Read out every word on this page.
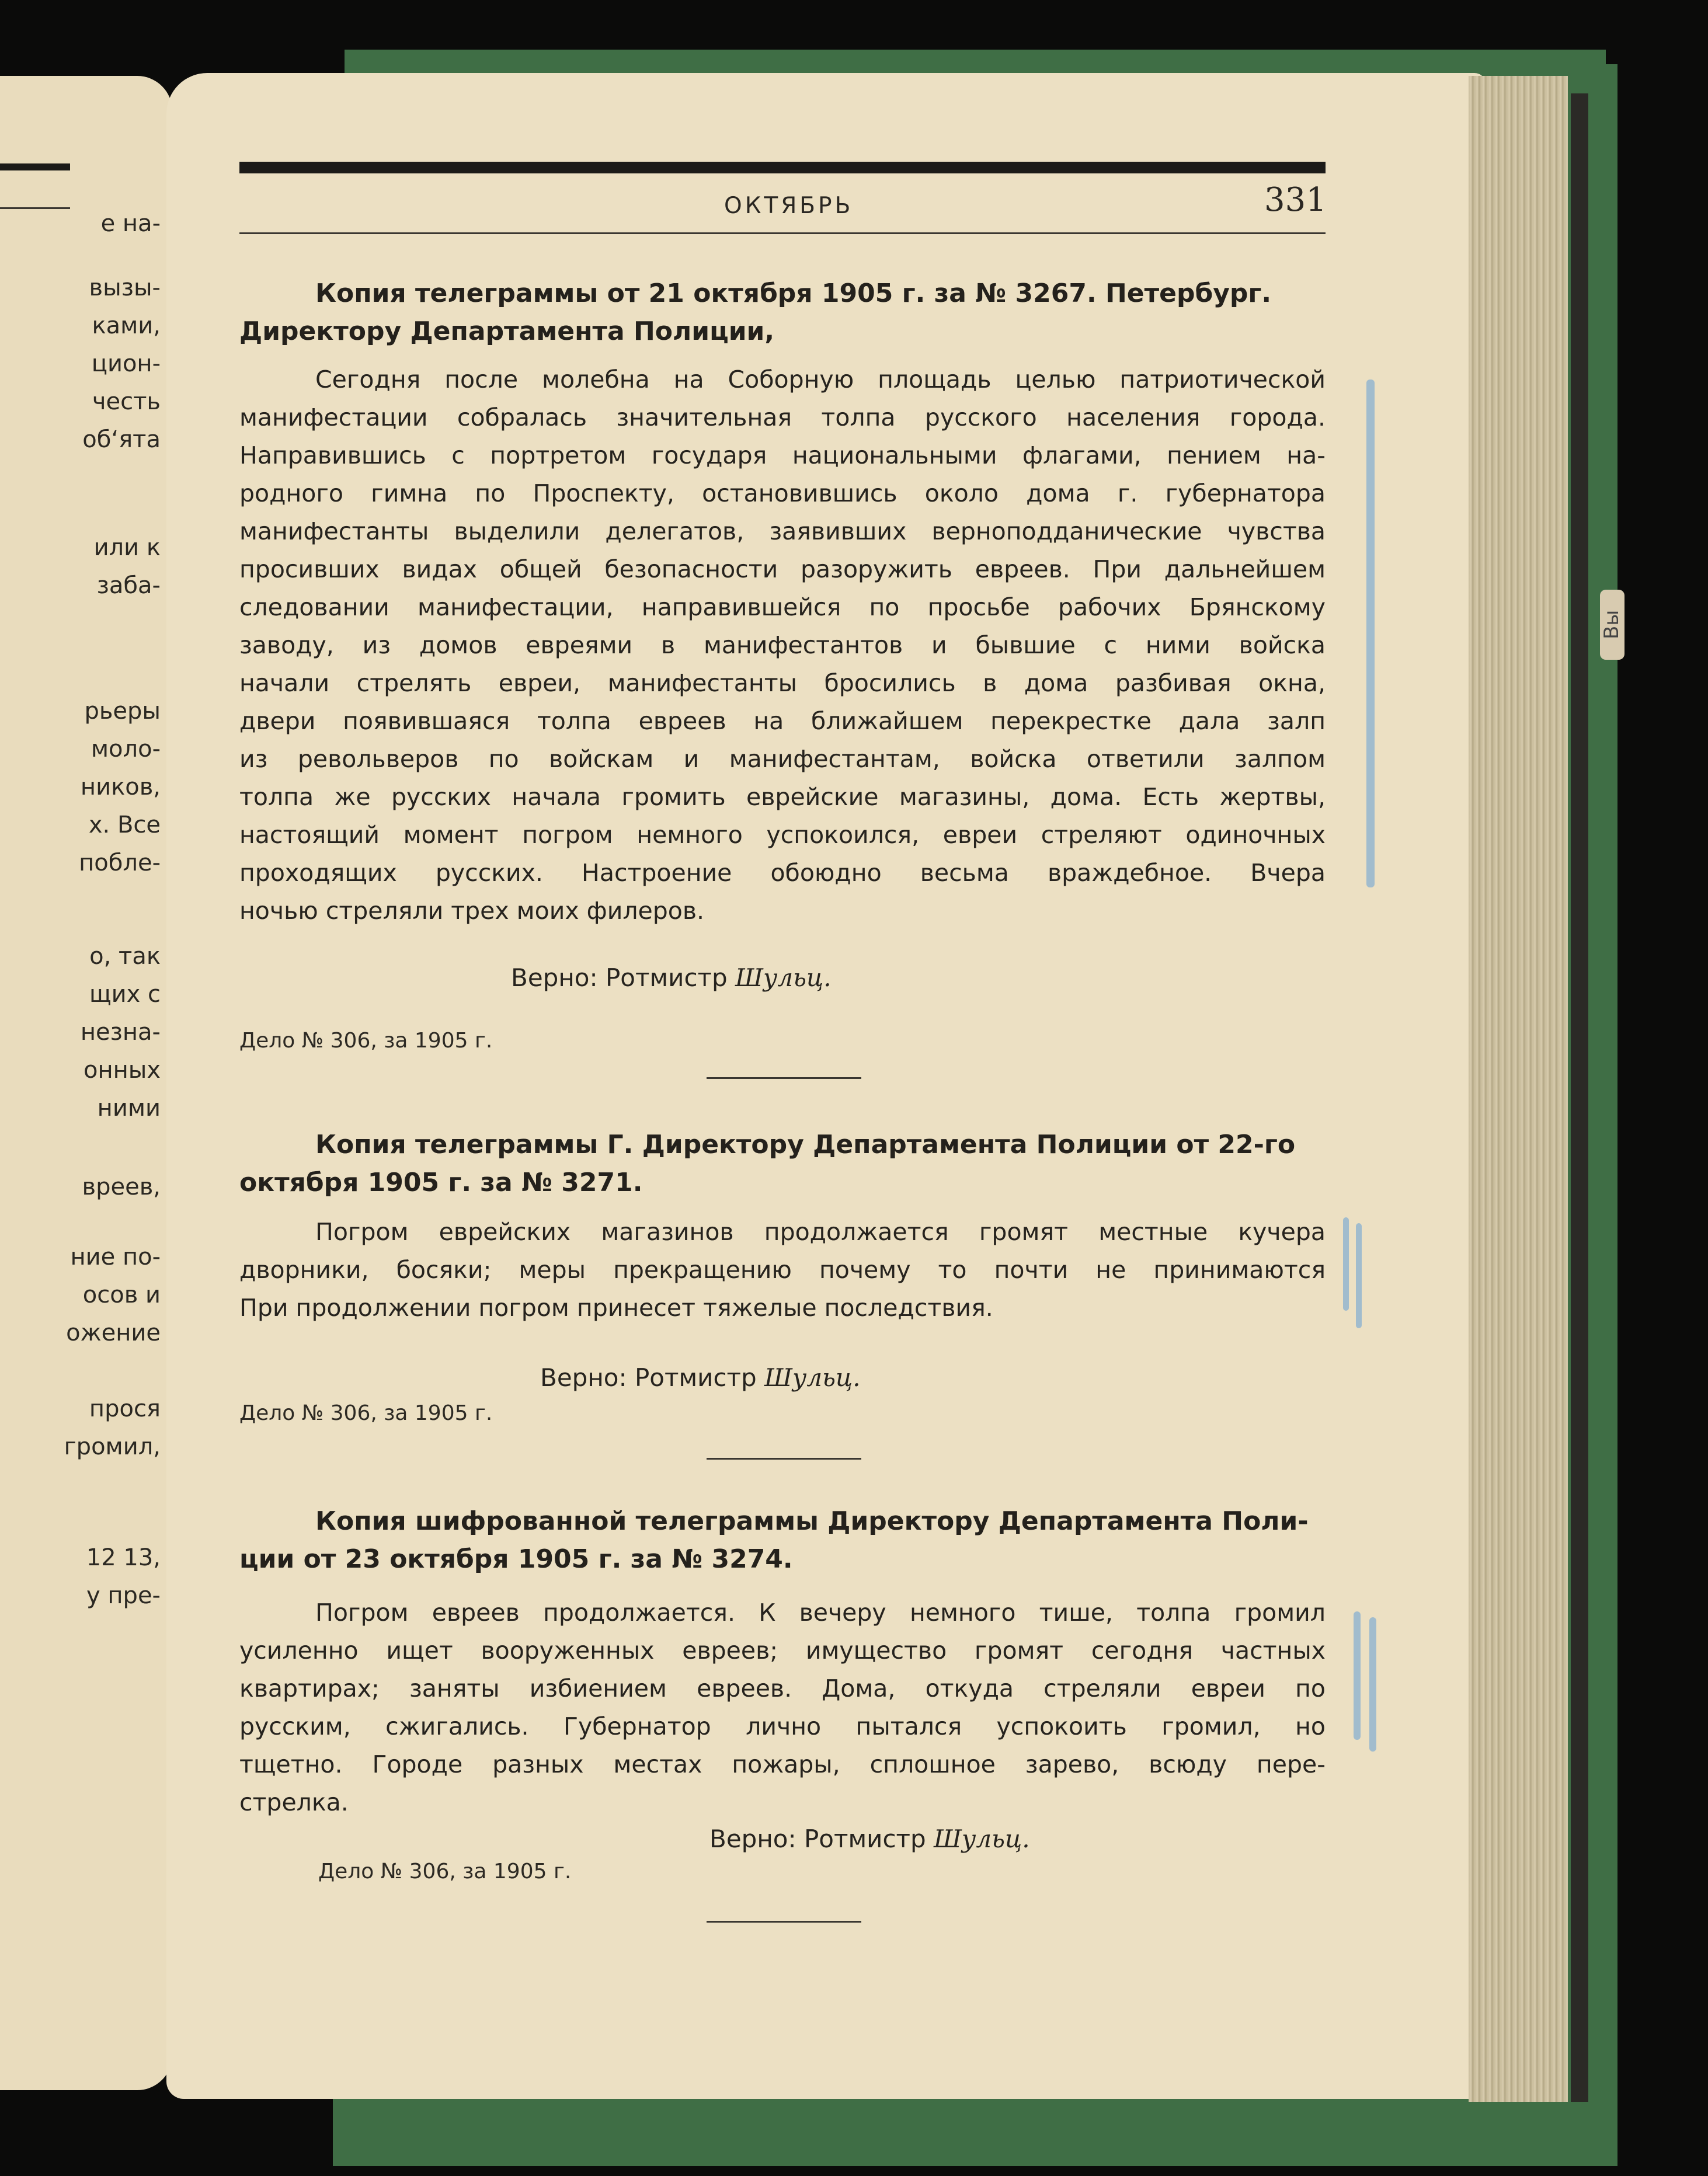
е на-
вызы-
ками,
цион-
честь
об‘ята
или к
заба-
рьеры
моло-
ников,
х. Все
побле-
о, так
щих с
незна-
онных
ними
вреев,
ние по-
осов и
ожение
прося
громил,
12 13,
у пре-
Вы
ОКТЯБРЬ	331
Копия телеграммы от 21 октября 1905 г. за № 3267. Петербург.
Директору Департамента Полиции,
Сегодня после молебна на Соборную площадь целью патриотической
манифестации собралась значительная толпа русского населения города.
Направившись с портретом государя национальными флагами, пением на-
родного гимна по Проспекту, остановившись около дома г. губернатора
манифестанты выделили делегатов, заявивших верноподданические чувства
просивших видах общей безопасности разоружить евреев. При дальнейшем
следовании манифестации, направившейся по просьбе рабочих Брянскому
заводу, из домов евреями в манифестантов и бывшие с ними войска
начали стрелять евреи, манифестанты бросились в дома разбивая окна,
двери появившаяся толпа евреев на ближайшем перекрестке дала залп
из револьверов по войскам и манифестантам, войска ответили залпом
толпа же русских начала громить еврейские магазины, дома. Есть жертвы,
настоящий момент погром немного успокоился, евреи стреляют одиночных
проходящих русских. Настроение обоюдно весьма враждебное. Вчера
ночью стреляли трех моих филеров.
Верно: Ротмистр Шульц.
Дело № 306, за 1905 г.
Копия телеграммы Г. Директору Департамента Полиции от 22-го
октября 1905 г. за № 3271.
Погром еврейских магазинов продолжается громят местные кучера
дворники, босяки; меры прекращению почему то почти не принимаются
При продолжении погром принесет тяжелые последствия.
Верно: Ротмистр Шульц.
Дело № 306, за 1905 г.
Копия шифрованной телеграммы Директору Департамента Поли-
ции от 23 октября 1905 г. за № 3274.
Погром евреев продолжается. К вечеру немного тише, толпа громил
усиленно ищет вооруженных евреев; имущество громят сегодня частных
квартирах; заняты избиением евреев. Дома, откуда стреляли евреи по
русским, сжигались. Губернатор лично пытался успокоить громил, но
тщетно. Городе разных местах пожары, сплошное зарево, всюду пере-
стрелка.
Верно: Ротмистр Шульц.
Дело № 306, за 1905 г.
